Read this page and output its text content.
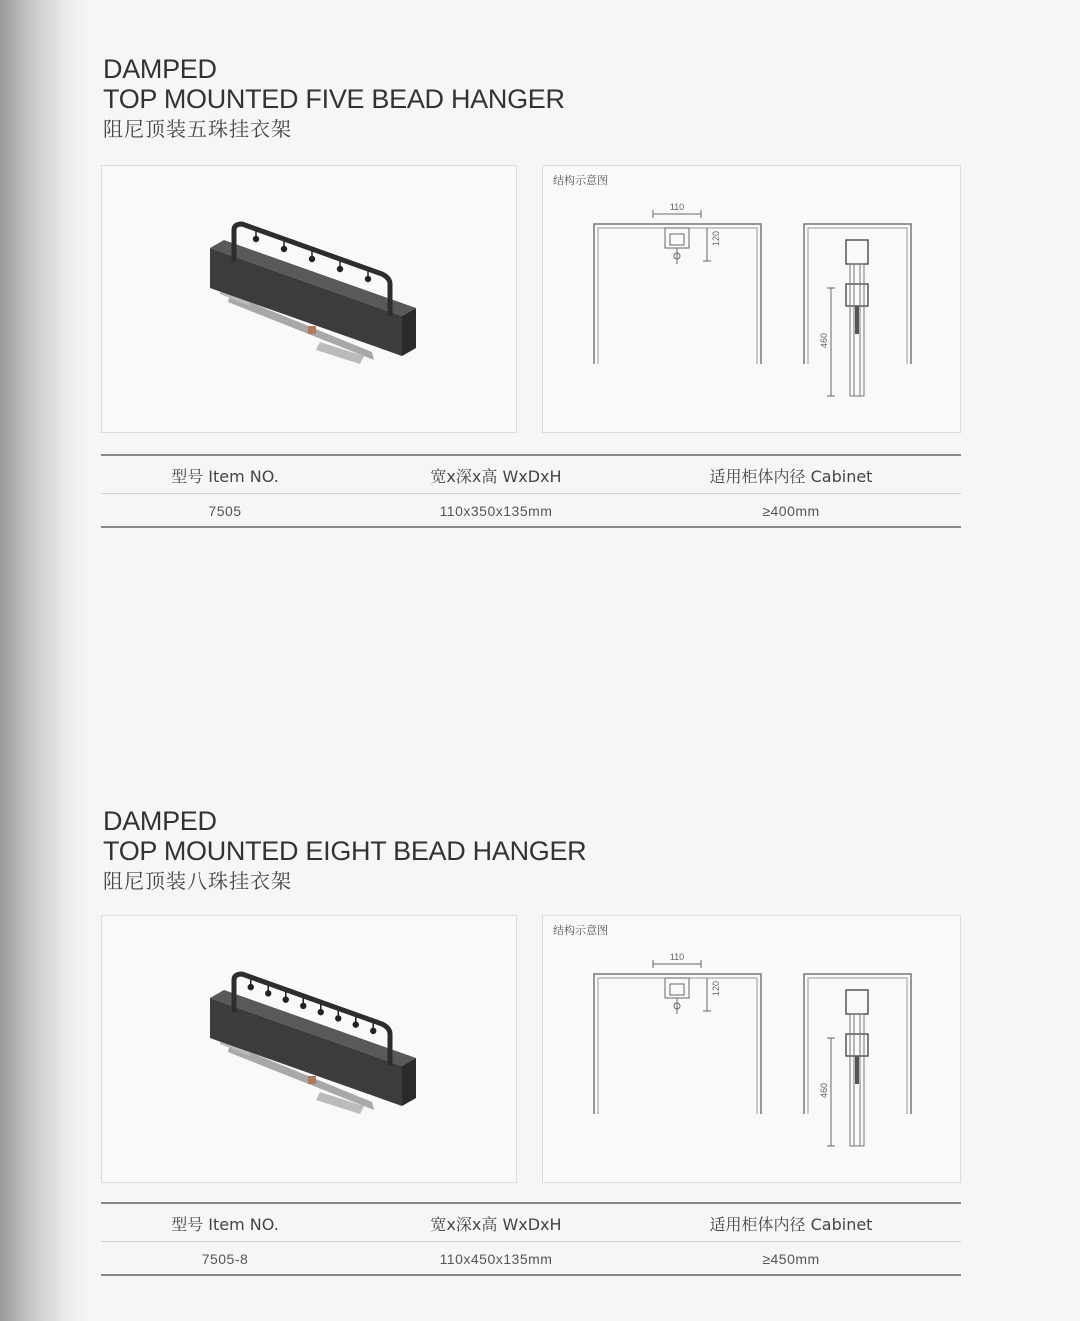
DAMPED
TOP MOUNTED FIVE BEAD HANGER
阻尼顶装五珠挂衣架
结构示意图
110
120
460
型号 Item NO.	宽x深x高 WxDxH	适用柜体内径 Cabinet
7505	110x350x135mm	≥400mm
DAMPED
TOP MOUNTED EIGHT BEAD HANGER
阻尼顶装八珠挂衣架
结构示意图
110
120
460
型号 Item NO.	宽x深x高 WxDxH	适用柜体内径 Cabinet
7505-8	110x450x135mm	≥450mm
